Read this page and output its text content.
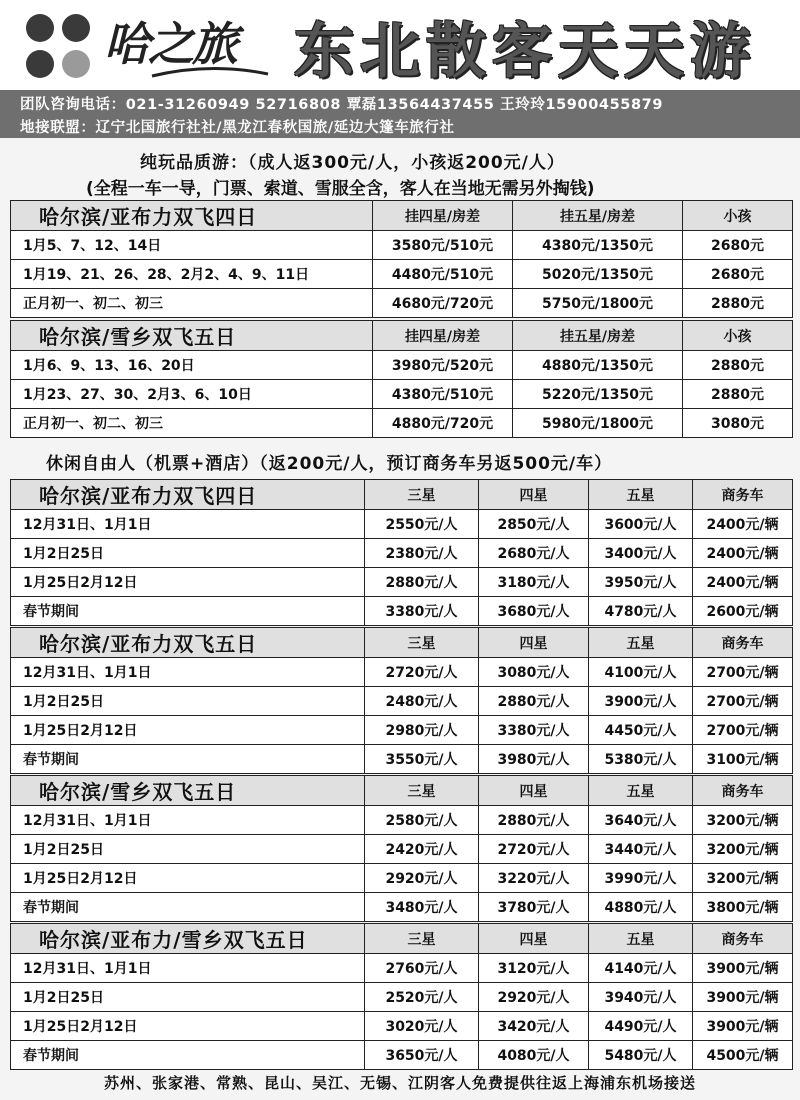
哈之旅 东北散客天天游
团队咨询电话：021-31260949 52716808 覃磊13564437455 王玲玲15900455879
地接联盟：辽宁北国旅行社社/黑龙江春秋国旅/延边大篷车旅行社
纯玩品质游：（成人返300元/人，小孩返200元/人）
(全程一车一导，门票、索道、雪服全含，客人在当地无需另外掏钱)
哈尔滨/亚布力双飞四日	挂四星/房差	挂五星/房差	小孩
1月5、7、12、14日	3580元/510元	4380元/1350元	2680元
1月19、21、26、28、2月2、4、9、11日	4480元/510元	5020元/1350元	2680元
正月初一、初二、初三	4680元/720元	5750元/1800元	2880元
哈尔滨/雪乡双飞五日	挂四星/房差	挂五星/房差	小孩
1月6、9、13、16、20日	3980元/520元	4880元/1350元	2880元
1月23、27、30、2月3、6、10日	4380元/510元	5220元/1350元	2880元
正月初一、初二、初三	4880元/720元	5980元/1800元	3080元
休闲自由人（机票+酒店）（返200元/人，预订商务车另返500元/车）
哈尔滨/亚布力双飞四日	三星	四星	五星	商务车
12月31日、1月1日	2550元/人	2850元/人	3600元/人	2400元/辆
1月2日25日	2380元/人	2680元/人	3400元/人	2400元/辆
1月25日2月12日	2880元/人	3180元/人	3950元/人	2400元/辆
春节期间	3380元/人	3680元/人	4780元/人	2600元/辆
哈尔滨/亚布力双飞五日	三星	四星	五星	商务车
12月31日、1月1日	2720元/人	3080元/人	4100元/人	2700元/辆
1月2日25日	2480元/人	2880元/人	3900元/人	2700元/辆
1月25日2月12日	2980元/人	3380元/人	4450元/人	2700元/辆
春节期间	3550元/人	3980元/人	5380元/人	3100元/辆
哈尔滨/雪乡双飞五日	三星	四星	五星	商务车
12月31日、1月1日	2580元/人	2880元/人	3640元/人	3200元/辆
1月2日25日	2420元/人	2720元/人	3440元/人	3200元/辆
1月25日2月12日	2920元/人	3220元/人	3990元/人	3200元/辆
春节期间	3480元/人	3780元/人	4880元/人	3800元/辆
哈尔滨/亚布力/雪乡双飞五日	三星	四星	五星	商务车
12月31日、1月1日	2760元/人	3120元/人	4140元/人	3900元/辆
1月2日25日	2520元/人	2920元/人	3940元/人	3900元/辆
1月25日2月12日	3020元/人	3420元/人	4490元/人	3900元/辆
春节期间	3650元/人	4080元/人	5480元/人	4500元/辆
苏州、张家港、常熟、昆山、吴江、无锡、江阴客人免费提供往返上海浦东机场接送
